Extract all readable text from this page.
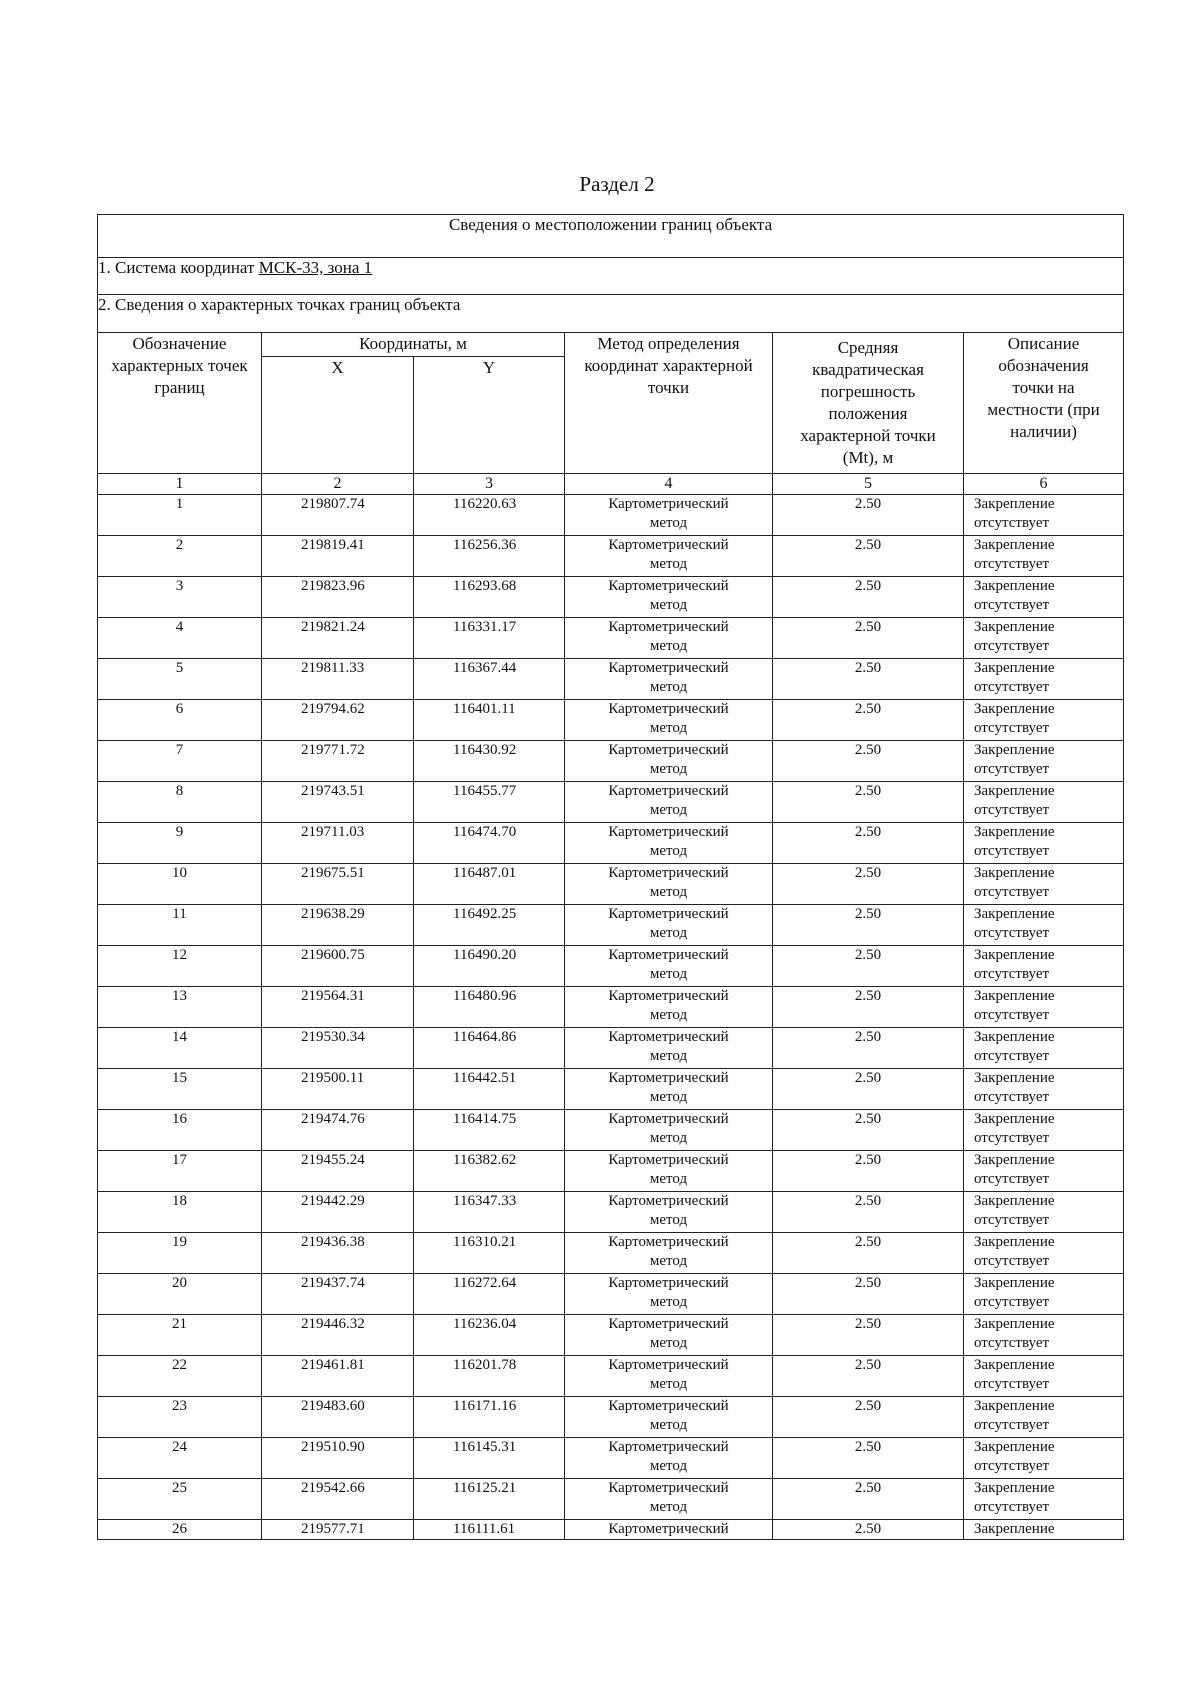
Раздел 2
Сведения о местоположении границ объекта					
1. Система координат МСК-33, зона 1					
2. Сведения о характерных точках границ объекта					
Обозначение характерных точек границ	Координаты, м		Метод определения координат характерной точки	Средняя квадратическая погрешность положения характерной точки (Mt), м	Описание обозначения точки на местности (при наличии)
	X	Y			
1	2	3	4	5	6
1	219807.74	116220.63	Картометрический метод	2.50	Закрепление отсутствует
2	219819.41	116256.36	Картометрический метод	2.50	Закрепление отсутствует
3	219823.96	116293.68	Картометрический метод	2.50	Закрепление отсутствует
4	219821.24	116331.17	Картометрический метод	2.50	Закрепление отсутствует
5	219811.33	116367.44	Картометрический метод	2.50	Закрепление отсутствует
6	219794.62	116401.11	Картометрический метод	2.50	Закрепление отсутствует
7	219771.72	116430.92	Картометрический метод	2.50	Закрепление отсутствует
8	219743.51	116455.77	Картометрический метод	2.50	Закрепление отсутствует
9	219711.03	116474.70	Картометрический метод	2.50	Закрепление отсутствует
10	219675.51	116487.01	Картометрический метод	2.50	Закрепление отсутствует
11	219638.29	116492.25	Картометрический метод	2.50	Закрепление отсутствует
12	219600.75	116490.20	Картометрический метод	2.50	Закрепление отсутствует
13	219564.31	116480.96	Картометрический метод	2.50	Закрепление отсутствует
14	219530.34	116464.86	Картометрический метод	2.50	Закрепление отсутствует
15	219500.11	116442.51	Картометрический метод	2.50	Закрепление отсутствует
16	219474.76	116414.75	Картометрический метод	2.50	Закрепление отсутствует
17	219455.24	116382.62	Картометрический метод	2.50	Закрепление отсутствует
18	219442.29	116347.33	Картометрический метод	2.50	Закрепление отсутствует
19	219436.38	116310.21	Картометрический метод	2.50	Закрепление отсутствует
20	219437.74	116272.64	Картометрический метод	2.50	Закрепление отсутствует
21	219446.32	116236.04	Картометрический метод	2.50	Закрепление отсутствует
22	219461.81	116201.78	Картометрический метод	2.50	Закрепление отсутствует
23	219483.60	116171.16	Картометрический метод	2.50	Закрепление отсутствует
24	219510.90	116145.31	Картометрический метод	2.50	Закрепление отсутствует
25	219542.66	116125.21	Картометрический метод	2.50	Закрепление отсутствует
26	219577.71	116111.61	Картометрический	2.50	Закрепление
